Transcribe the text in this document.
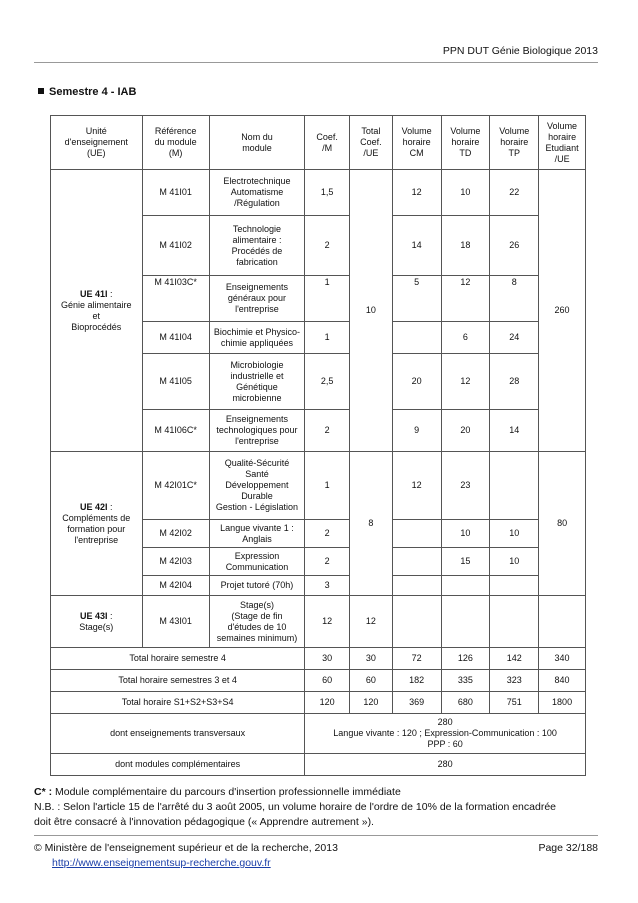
PPN DUT Génie Biologique 2013
Semestre 4 - IAB
Unité
d'enseignement
(UE)	Référence
du module
(M)	Nom du
module	Coef.
/M	Total
Coef.
/UE	Volume
horaire
CM	Volume
horaire
TD	Volume
horaire
TP	Volume
horaire
Etudiant
/UE
UE 41I :
Génie alimentaire
et
Bioprocédés	M 41I01	Electrotechnique
Automatisme
/Régulation	1,5	10	12	10	22	260
	M 41I02	Technologie
alimentaire :
Procédés de
fabrication	2		14	18	26	
	M 41I03C*	Enseignements
généraux pour
l'entreprise	1		5	12	8	
	M 41I04	Biochimie et Physico-
chimie appliquées	1			6	24	
	M 41I05	Microbiologie
industrielle et
Génétique
microbienne	2,5		20	12	28	
	M 41I06C*	Enseignements
technologiques pour
l'entreprise	2		9	20	14	
UE 42I :
Compléments de
formation pour
l'entreprise	M 42I01C*	Qualité-Sécurité
Santé
Développement
Durable
Gestion - Législation	1	8	12	23		80
	M 42I02	Langue vivante 1 :
Anglais	2			10	10	
	M 42I03	Expression
Communication	2			15	10	
	M 42I04	Projet tutoré (70h)	3					
UE 43I :
Stage(s)	M 43I01	Stage(s)
(Stage de fin
d'études de 10
semaines minimum)	12	12				
Total horaire semestre 4			30	30	72	126	142	340
Total horaire semestres 3 et 4			60	60	182	335	323	840
Total horaire S1+S2+S3+S4			120	120	369	680	751	1800
dont enseignements transversaux			280
Langue vivante : 120 ; Expression-Communication : 100
PPP : 60					
dont modules complémentaires			280					
C* : Module complémentaire du parcours d'insertion professionnelle immédiate
N.B. : Selon l'article 15 de l'arrêté du 3 août 2005, un volume horaire de l'ordre de 10% de la formation encadrée
doit être consacré à l'innovation pédagogique (« Apprendre autrement »).
© Ministère de l'enseignement supérieur et de la recherche, 2013	Page 32/188
http://www.enseignementsup-recherche.gouv.fr
